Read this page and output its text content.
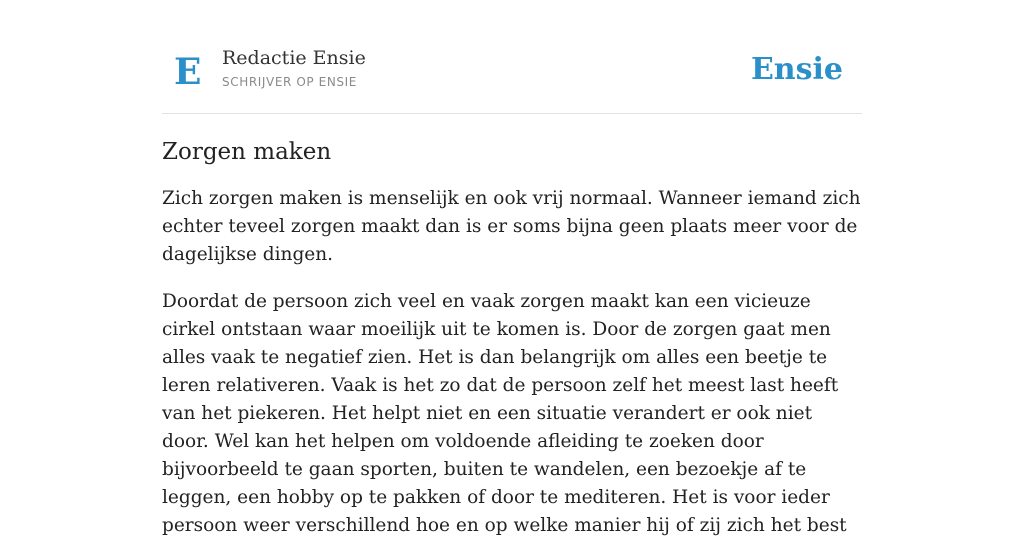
E Redactie Ensie
SCHRIJVER OP ENSIE	Ensie
Zorgen maken

Zich zorgen maken is menselijk en ook vrij normaal. Wanneer iemand zich echter teveel zorgen maakt dan is er soms bijna geen plaats meer voor de dagelijkse dingen.

Doordat de persoon zich veel en vaak zorgen maakt kan een vicieuze cirkel ontstaan waar moeilijk uit te komen is. Door de zorgen gaat men alles vaak te negatief zien. Het is dan belangrijk om alles een beetje te leren relativeren. Vaak is het zo dat de persoon zelf het meest last heeft van het piekeren. Het helpt niet en een situatie verandert er ook niet door. Wel kan het helpen om voldoende afleiding te zoeken door bijvoorbeeld te gaan sporten, buiten te wandelen, een bezoekje af te leggen, een hobby op te pakken of door te mediteren. Het is voor ieder persoon weer verschillend hoe en op welke manier hij of zij zich het best
